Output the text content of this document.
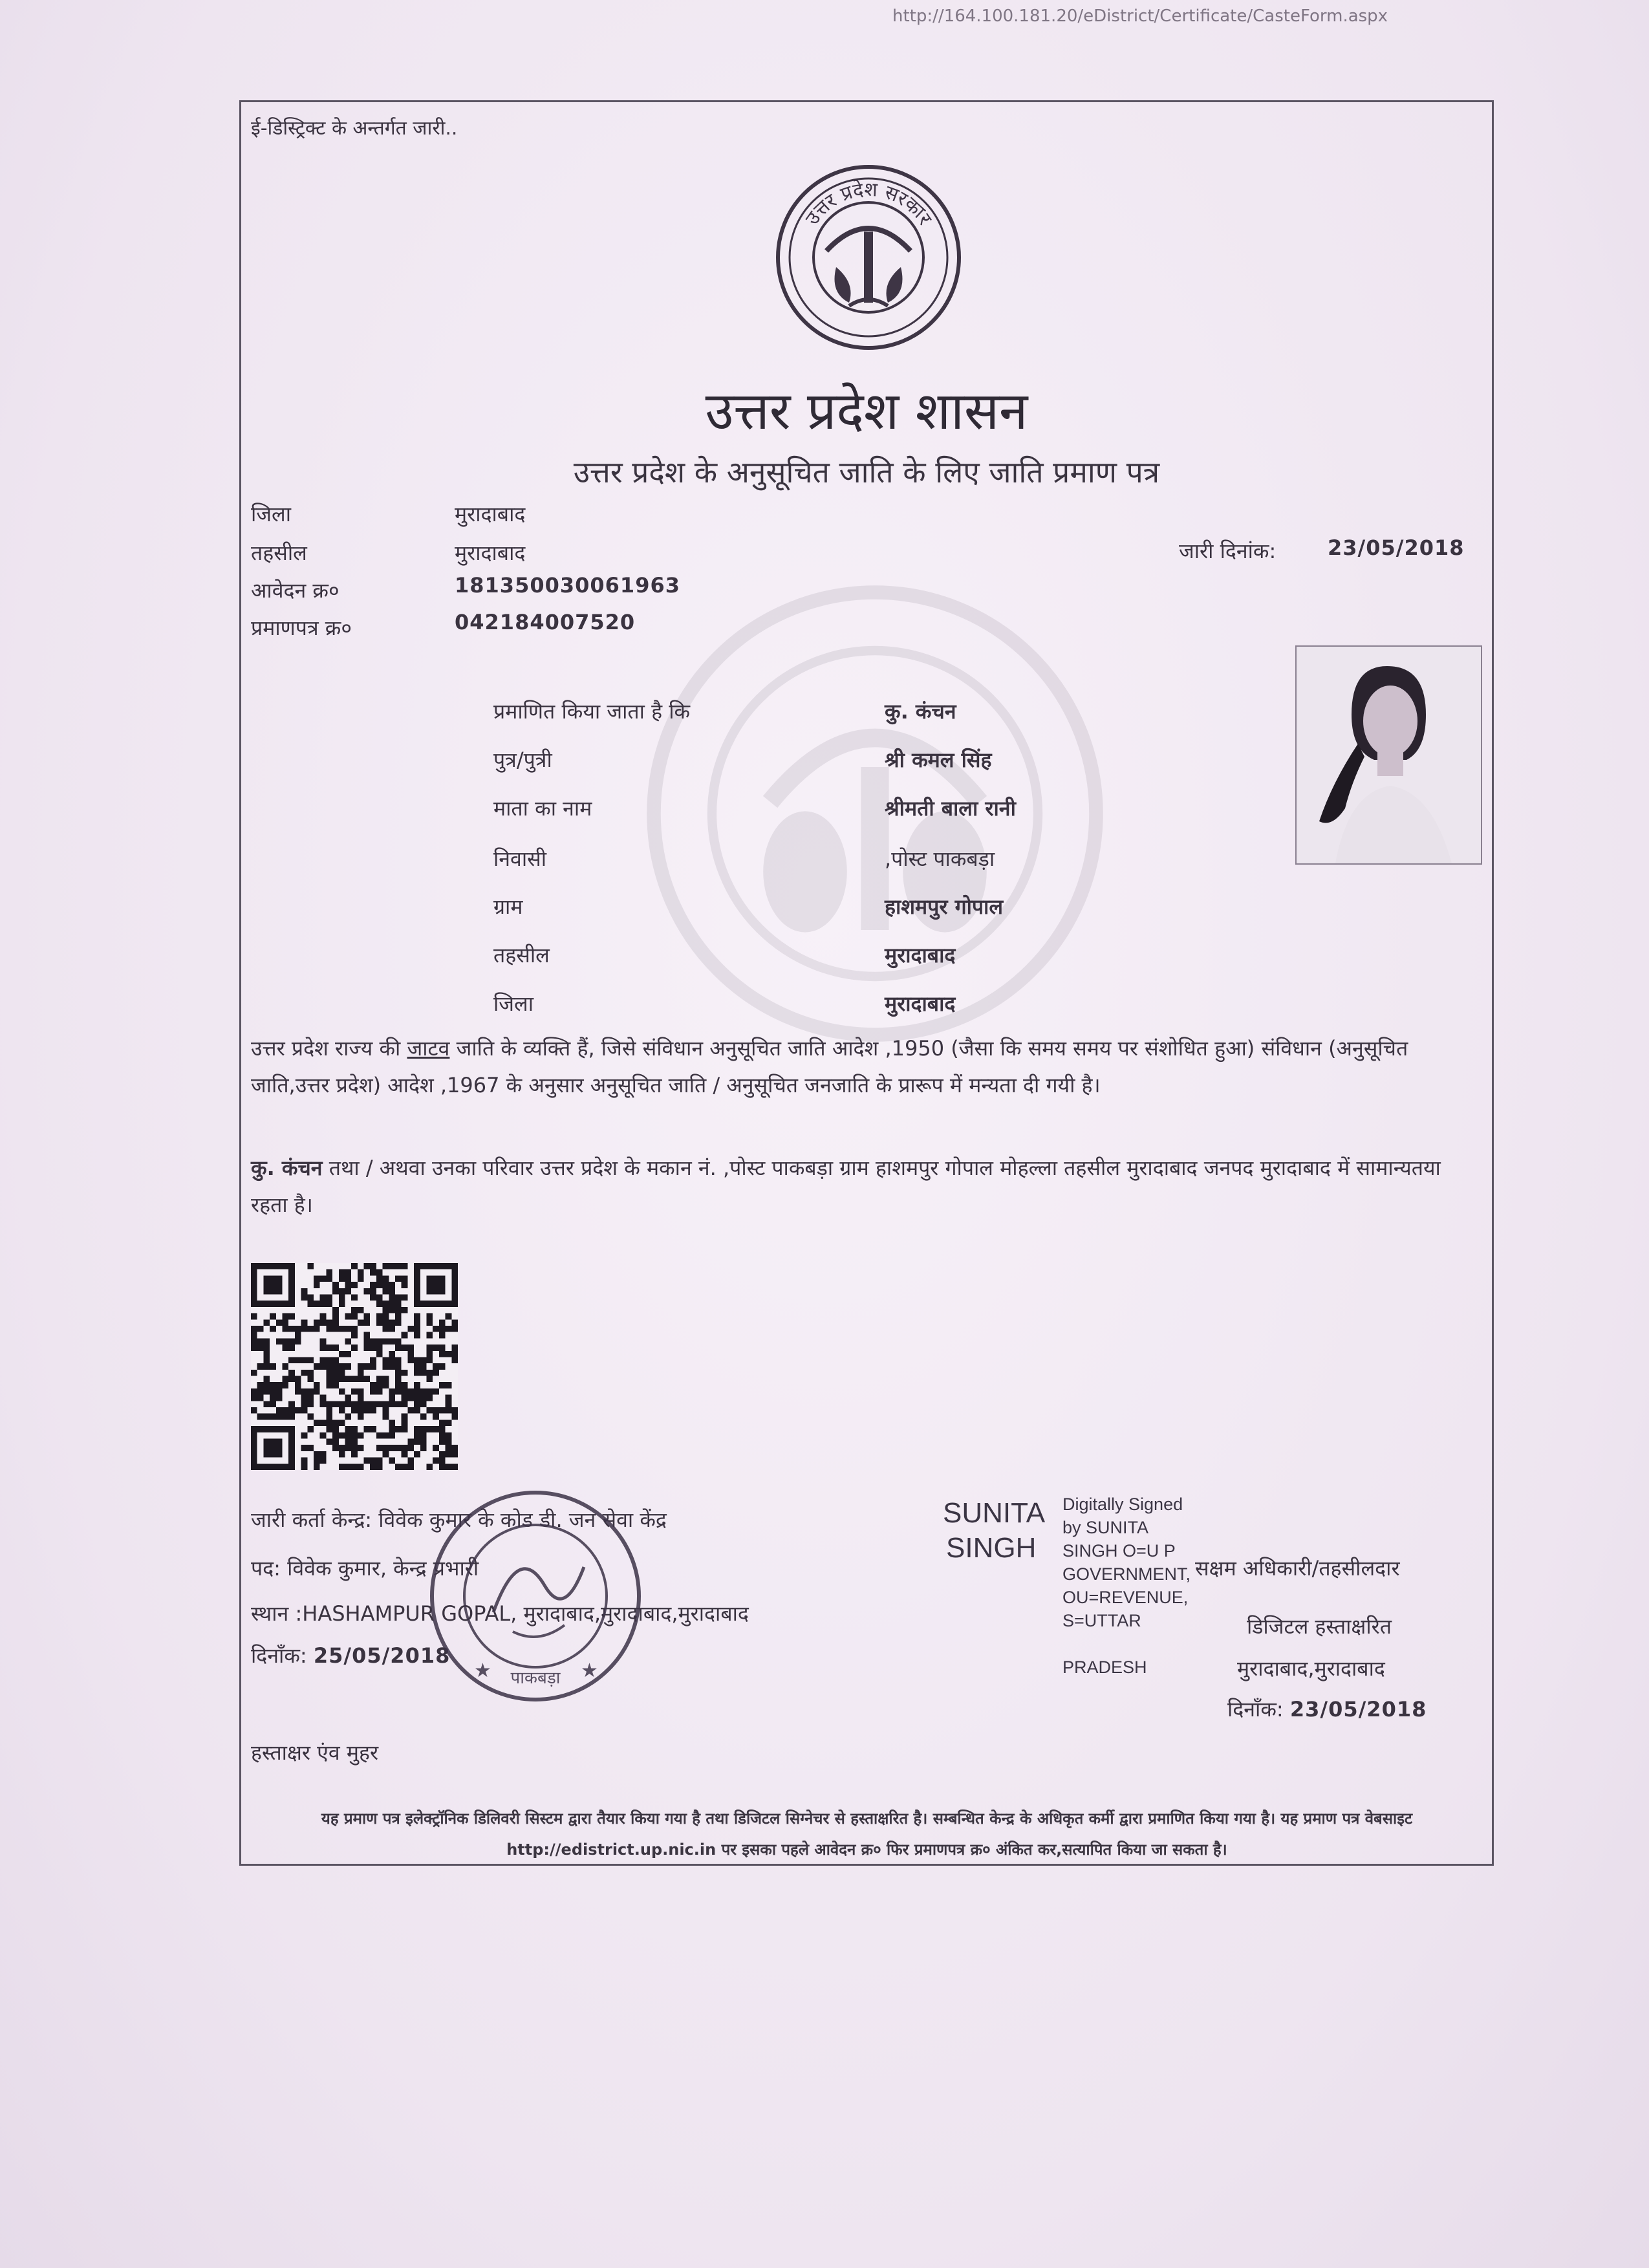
http://164.100.181.20/eDistrict/Certificate/CasteForm.aspx
ई-डिस्ट्रिक्ट के अन्तर्गत जारी..
उत्तर प्रदेश सरकार
उत्तर प्रदेश शासन
उत्तर प्रदेश के अनुसूचित जाति के लिए जाति प्रमाण पत्र
जिला	मुरादाबाद
तहसील	मुरादाबाद
आवेदन क्र०	181350030061963
प्रमाणपत्र क्र०	042184007520
जारी दिनांक: 23/05/2018
प्रमाणित किया जाता है कि	कु. कंचन
पुत्र/पुत्री	श्री कमल सिंह
माता का नाम	श्रीमती बाला रानी
निवासी	,पोस्ट पाकबड़ा
ग्राम	हाशमपुर गोपाल
तहसील	मुरादाबाद
जिला	मुरादाबाद
उत्तर प्रदेश राज्य की जाटव जाति के व्यक्ति हैं, जिसे संविधान अनुसूचित जाति आदेश ,1950 (जैसा कि समय समय पर संशोधित हुआ) संविधान (अनुसूचित जाति,उत्तर प्रदेश) आदेश ,1967 के अनुसार अनुसूचित जाति / अनुसूचित जनजाति के प्रारूप में मन्यता दी गयी है।
कु. कंचन तथा / अथवा उनका परिवार उत्तर प्रदेश के मकान नं. ,पोस्ट पाकबड़ा ग्राम हाशमपुर गोपाल मोहल्ला तहसील मुरादाबाद जनपद मुरादाबाद में सामान्यतया रहता है।
जारी कर्ता केन्द्र: विवेक कुमार के कोड डी. जन सेवा केंद्र
पद: विवेक कुमार, केन्द्र प्रभारी
स्थान :HASHAMPUR GOPAL, मुरादाबाद,मुरादाबाद,मुरादाबाद
दिनाँक: 25/05/2018
हस्ताक्षर एंव मुहर
पाकबड़ा
★	★
SUNITA
SINGH
Digitally Signed
by SUNITA
SINGH O=U P
GOVERNMENT,
OU=REVENUE,
S=UTTAR
PRADESH
सक्षम अधिकारी/तहसीलदार
डिजिटल हस्ताक्षरित
मुरादाबाद,मुरादाबाद
दिनाँक: 23/05/2018
यह प्रमाण पत्र इलेक्ट्रॉनिक डिलिवरी सिस्टम द्वारा तैयार किया गया है तथा डिजिटल सिग्नेचर से हस्ताक्षरित है। सम्बन्धित केन्द्र के अधिकृत कर्मी द्वारा प्रमाणित किया गया है। यह प्रमाण पत्र वेबसाइट http://edistrict.up.nic.in पर इसका पहले आवेदन क्र० फिर प्रमाणपत्र क्र० अंकित कर,सत्यापित किया जा सकता है।
